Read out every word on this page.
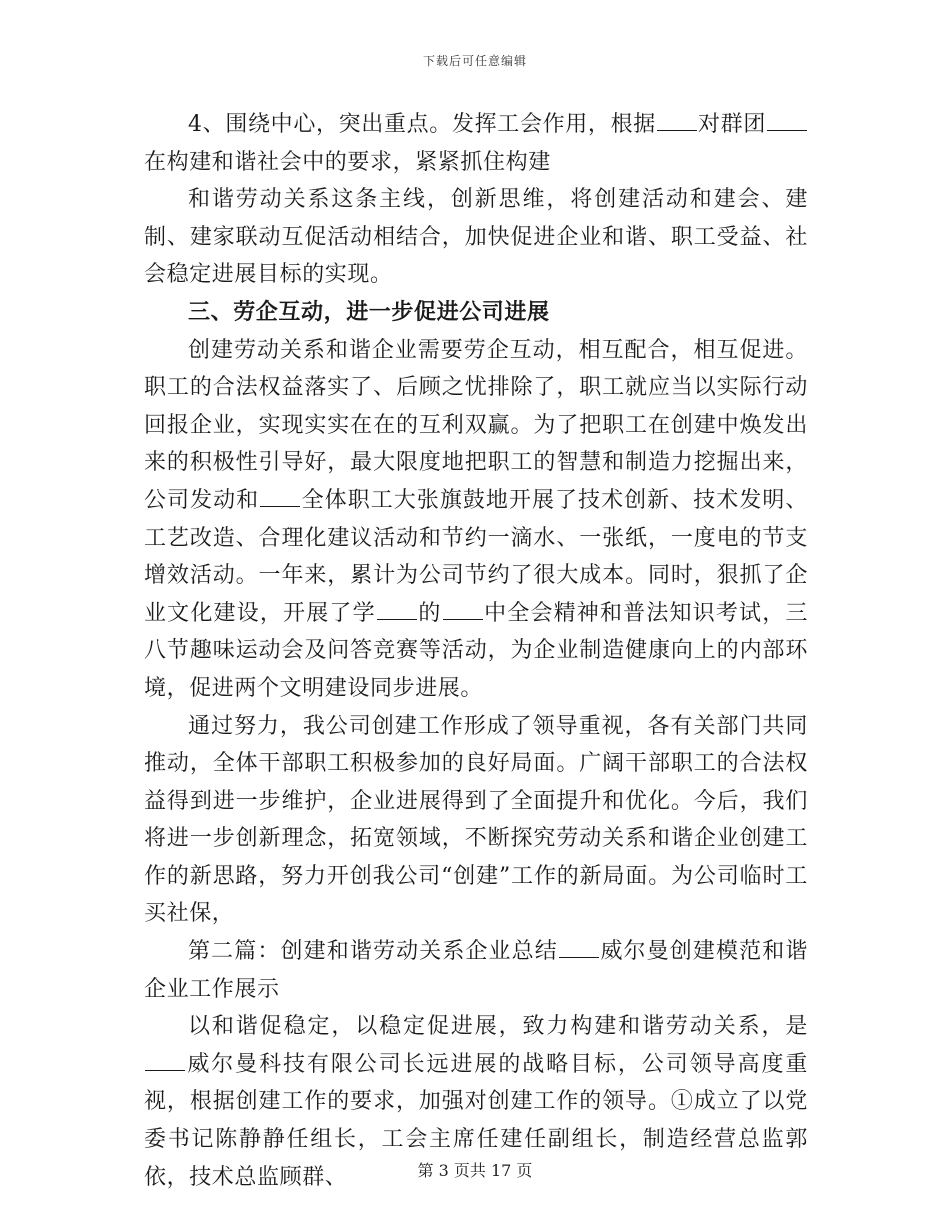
下载后可任意编辑

4、围绕中心，突出重点。发挥工会作用，根据 对群团在构建和谐社会中的要求，紧紧抓住构建

和谐劳动关系这条主线，创新思维，将创建活动和建会、建制、建家联动互促活动相结合，加快促进企业和谐、职工受益、社会稳定进展目标的实现。

三、劳企互动，进一步促进公司进展

创建劳动关系和谐企业需要劳企互动，相互配合，相互促进。职工的合法权益落实了、后顾之忧排除了，职工就应当以实际行动回报企业，实现实实在在的互利双赢。为了把职工在创建中焕发出来的积极性引导好，最大限度地把职工的智慧和制造力挖掘出来，公司发动和 全体职工大张旗鼓地开展了技术创新、技术发明、工艺改造、合理化建议活动和节约一滴水、一张纸，一度电的节支增效活动。一年来，累计为公司节约了很大成本。同时，狠抓了企业文化建设，开展了学 的 中全会精神和普法知识考试，三八节趣味运动会及问答竞赛等活动，为企业制造健康向上的内部环境，促进两个文明建设同步进展。

通过努力，我公司创建工作形成了领导重视，各有关部门共同推动，全体干部职工积极参加的良好局面。广阔干部职工的合法权益得到进一步维护，企业进展得到了全面提升和优化。今后，我们将进一步创新理念，拓宽领域，不断探究劳动关系和谐企业创建工作的新思路，努力开创我公司“创建”工作的新局面。为公司临时工买社保，

第二篇：创建和谐劳动关系企业总结 威尔曼创建模范和谐企业工作展示

以和谐促稳定，以稳定促进展，致力构建和谐劳动关系，是威尔曼科技有限公司长远进展的战略目标，公司领导高度重视，根据创建工作的要求，加强对创建工作的领导。①成立了以党委书记陈静静任组长，工会主席任建任副组长，制造经营总监郭依，技术总监顾群、	第 3 页共 17 页
